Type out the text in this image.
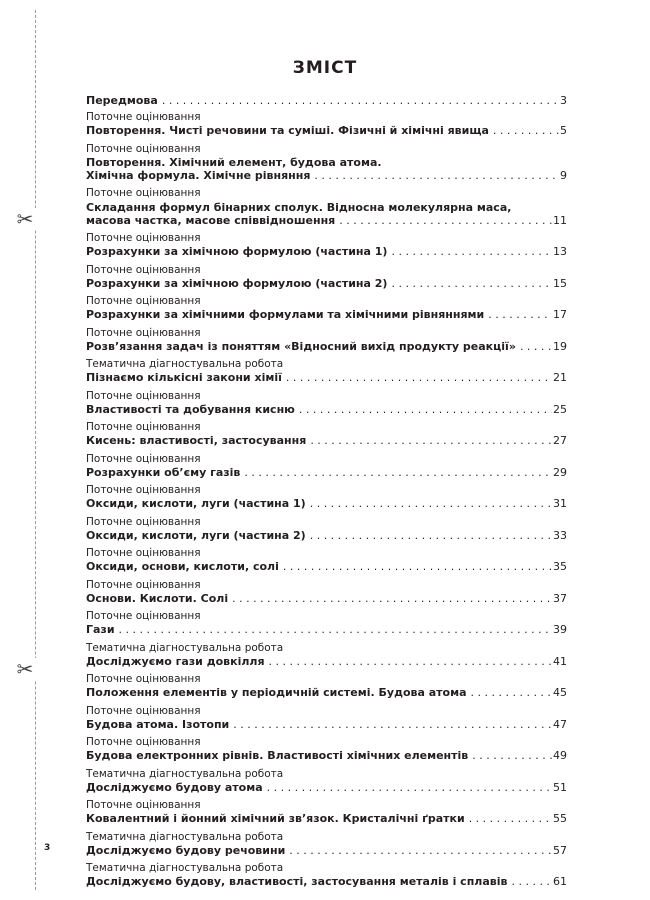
✂
✂
ЗМІСТ
Передмова . . .	3
Поточне оцінювання
Повторення. Чисті речовини та суміші. Фізичні й хімічні явища . . .	5
Поточне оцінювання
Повторення. Хімічний елемент, будова атома.
Хімічна формула. Хімічне рівняння . . .	9
Поточне оцінювання
Складання формул бінарних сполук. Відносна молекулярна маса,
масова частка, масове співвідношення . . .	11
Поточне оцінювання
Розрахунки за хімічною формулою (частина 1) . . .	13
Поточне оцінювання
Розрахунки за хімічною формулою (частина 2) . . .	15
Поточне оцінювання
Розрахунки за хімічними формулами та хімічними рівняннями . . .	17
Поточне оцінювання
Розв’язання задач із поняттям «Відносний вихід продукту реакції» . . .	19
Тематична діагностувальна робота
Пізнаємо кількісні закони хімії . . .	21
Поточне оцінювання
Властивості та добування кисню . . .	25
Поточне оцінювання
Кисень: властивості, застосування . . .	27
Поточне оцінювання
Розрахунки об’єму газів . . .	29
Поточне оцінювання
Оксиди, кислоти, луги (частина 1) . . .	31
Поточне оцінювання
Оксиди, кислоти, луги (частина 2) . . .	33
Поточне оцінювання
Оксиди, основи, кислоти, солі . . .	35
Поточне оцінювання
Основи. Кислоти. Солі . . .	37
Поточне оцінювання
Гази . . .	39
Тематична діагностувальна робота
Досліджуємо гази довкілля . . .	41
Поточне оцінювання
Положення елементів у періодичній системі. Будова атома . . .	45
Поточне оцінювання
Будова атома. Ізотопи . . .	47
Поточне оцінювання
Будова електронних рівнів. Властивості хімічних елементів . . .	49
Тематична діагностувальна робота
Досліджуємо будову атома . . .	51
Поточне оцінювання
Ковалентний і йонний хімічний зв’язок. Кристалічні ґратки . . .	55
Тематична діагностувальна робота
Досліджуємо будову речовини . . .	57
Тематична діагностувальна робота
Досліджуємо будову, властивості, застосування металів і сплавів . . .	61
3
